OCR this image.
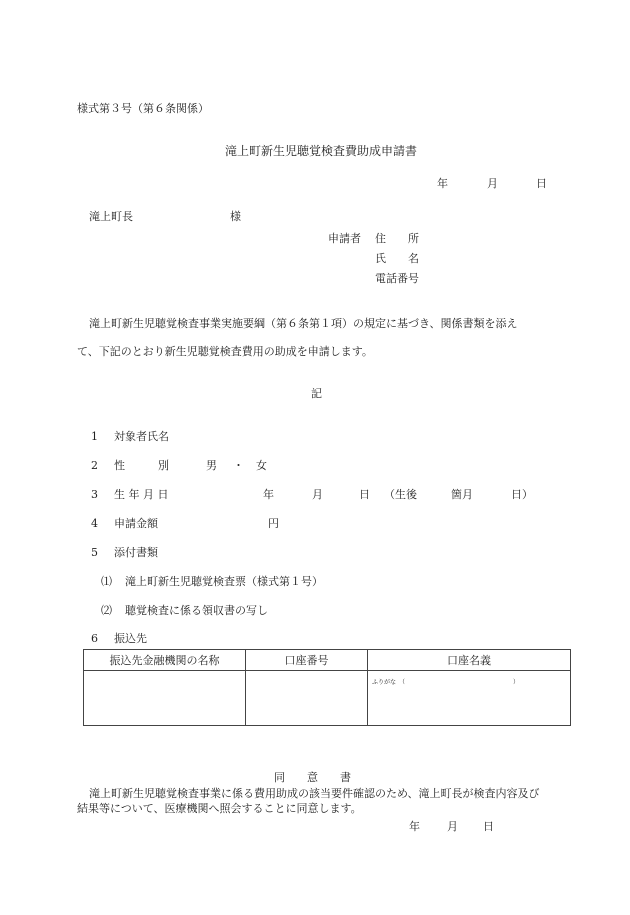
様式第３号（第６条関係）
滝上町新生児聴覚検査費助成申請書
年	月	日
滝上町長	様
申請者 住　　所
氏　　名
電話番号
滝上町新生児聴覚検査事業実施要綱（第６条第１項）の規定に基づき、関係書類を添え
て、下記のとおり新生児聴覚検査費用の助成を申請します。
記
1 対象者氏名
2 性　　　別	男 ・ 女
3 生 年 月 日	年	月	日 （生後	箇月	日）
4 申請金額	円
5 添付書類
⑴ 滝上町新生児聴覚検査票（様式第１号）
⑵ 聴覚検査に係る領収書の写し
6 振込先
振込先金融機関の名称	口座番号	口座名義

		ふりがな　（　　　　　　　　　　　　　　　　　　）
同　　意　　書
滝上町新生児聴覚検査事業に係る費用助成の該当要件確認のため、滝上町長が検査内容及び
結果等について、医療機関へ照会することに同意します。
年 月 日
